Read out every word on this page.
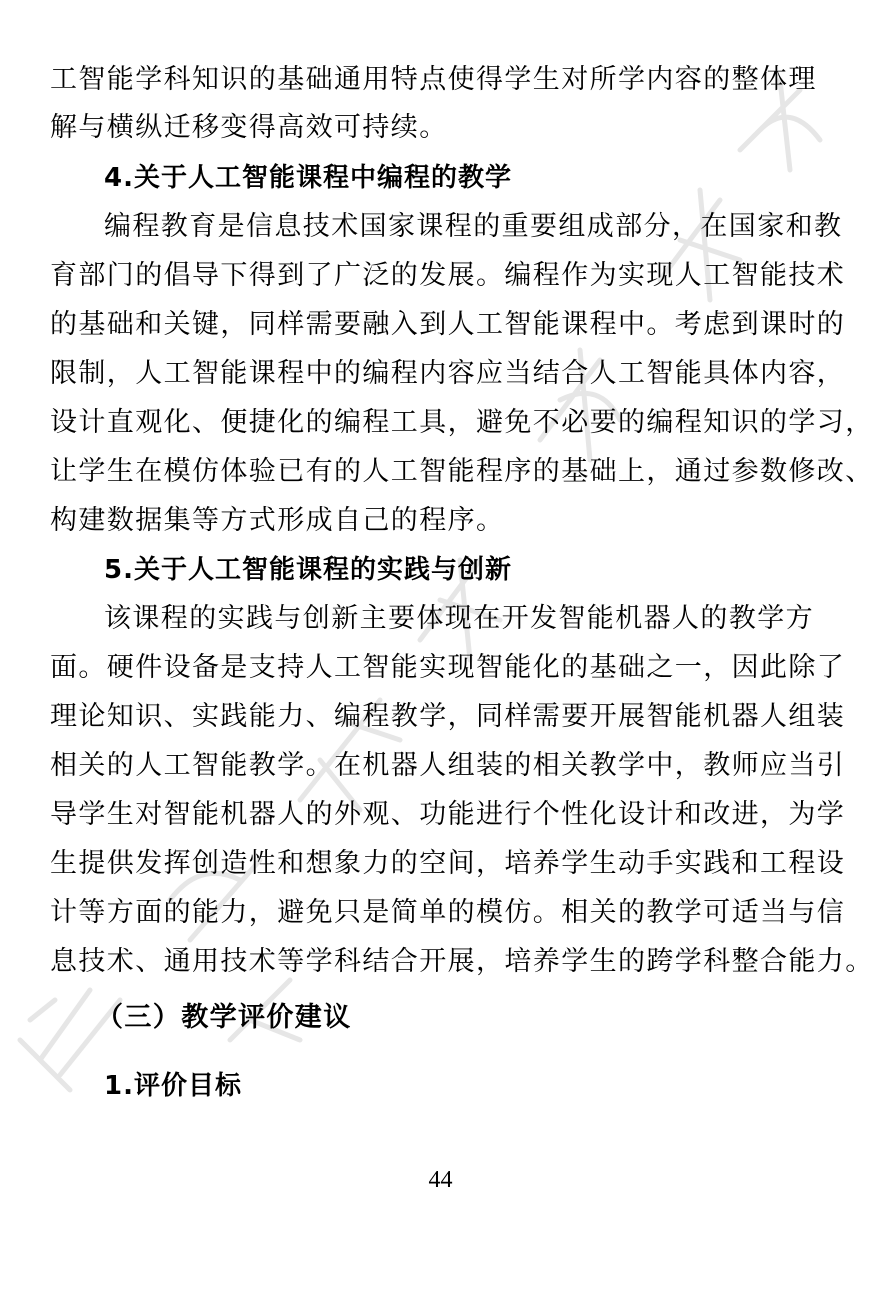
工智能学科知识的基础通用特点使得学生对所学内容的整体理
解与横纵迁移变得高效可持续。
4.关于人工智能课程中编程的教学
编程教育是信息技术国家课程的重要组成部分，在国家和教
育部门的倡导下得到了广泛的发展。编程作为实现人工智能技术
的基础和关键，同样需要融入到人工智能课程中。考虑到课时的
限制，人工智能课程中的编程内容应当结合人工智能具体内容，
设计直观化、便捷化的编程工具，避免不必要的编程知识的学习，
让学生在模仿体验已有的人工智能程序的基础上，通过参数修改、
构建数据集等方式形成自己的程序。
5.关于人工智能课程的实践与创新
该课程的实践与创新主要体现在开发智能机器人的教学方
面。硬件设备是支持人工智能实现智能化的基础之一，因此除了
理论知识、实践能力、编程教学，同样需要开展智能机器人组装
相关的人工智能教学。在机器人组装的相关教学中，教师应当引
导学生对智能机器人的外观、功能进行个性化设计和改进，为学
生提供发挥创造性和想象力的空间，培养学生动手实践和工程设
计等方面的能力，避免只是简单的模仿。相关的教学可适当与信
息技术、通用技术等学科结合开展，培养学生的跨学科整合能力。
（三）教学评价建议
1.评价目标
44
